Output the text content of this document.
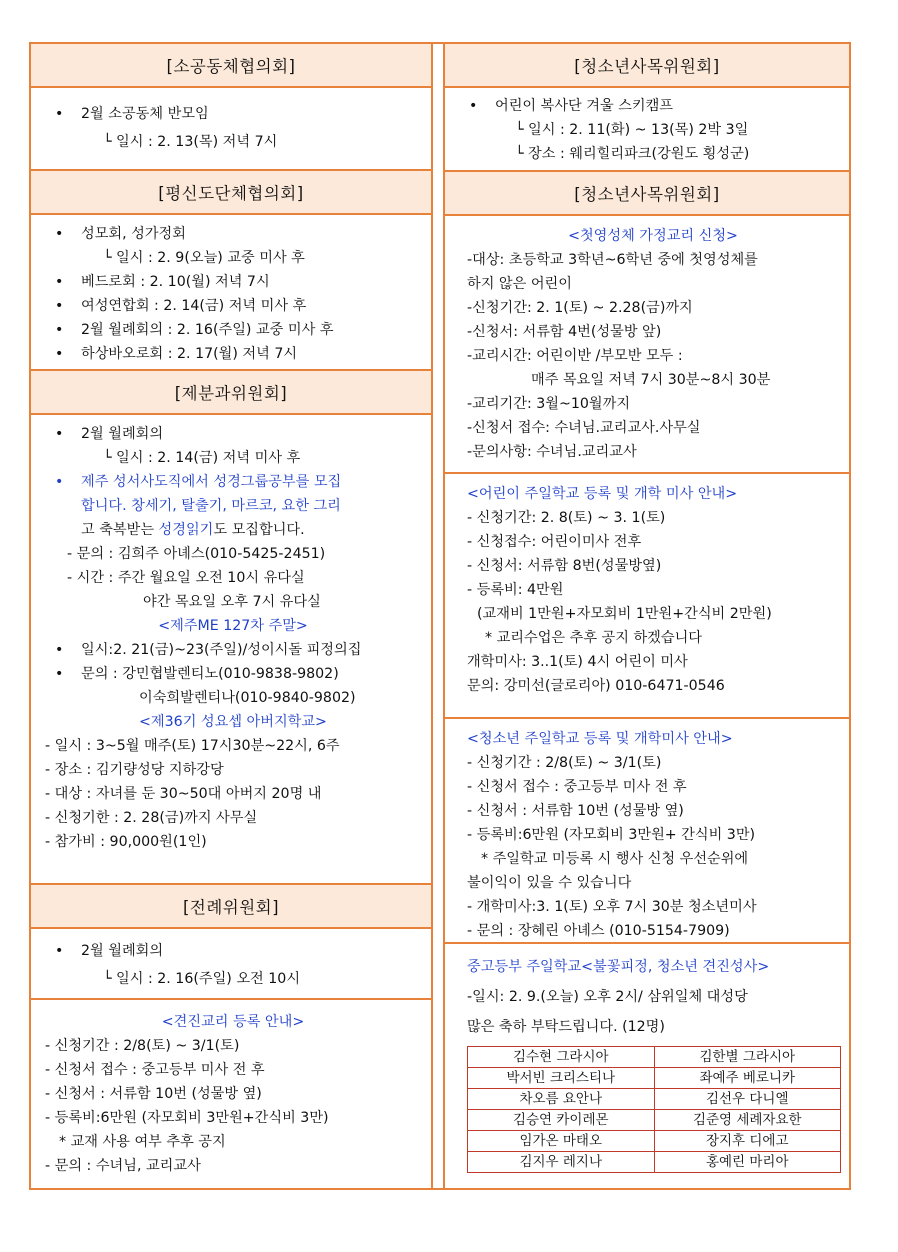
[소공동체협의회]
• 2월 소공동체 반모임
└ 일시 : 2. 13(목) 저녁 7시
[평신도단체협의회]
• 성모회, 성가정회
└ 일시 : 2. 9(오늘) 교중 미사 후
• 베드로회 : 2. 10(월) 저녁 7시
• 여성연합회 : 2. 14(금) 저녁 미사 후
• 2월 월례회의 : 2. 16(주일) 교중 미사 후
• 하상바오로회 : 2. 17(월) 저녁 7시
[제분과위원회]
• 2월 월례회의
└ 일시 : 2. 14(금) 저녁 미사 후
• 제주 성서사도직에서 성경그룹공부를 모집
합니다. 창세기, 탈출기, 마르코, 요한 그리
고 축복받는 성경읽기도 모집합니다.
- 문의 : 김희주 아녜스(010-5425-2451)
- 시간 : 주간 월요일 오전 10시 유다실
야간 목요일 오후 7시 유다실
<제주ME 127차 주말>
• 일시:2. 21(금)~23(주일)/성이시돌 피정의집
• 문의 : 강민협발렌티노(010-9838-9802)
이숙희발렌티나(010-9840-9802)
<제36기 성요셉 아버지학교>
- 일시 : 3~5월 매주(토) 17시30분~22시, 6주
- 장소 : 김기량성당 지하강당
- 대상 : 자녀를 둔 30~50대 아버지 20명 내
- 신청기한 : 2. 28(금)까지 사무실
- 참가비 : 90,000원(1인)
[전례위원회]
• 2월 월례회의
└ 일시 : 2. 16(주일) 오전 10시
<견진교리 등록 안내>
- 신청기간 : 2/8(토) ~ 3/1(토)
- 신청서 접수 : 중고등부 미사 전 후
- 신청서 : 서류함 10번 (성물방 옆)
- 등록비:6만원 (자모회비 3만원+간식비 3만)
* 교재 사용 여부 추후 공지
- 문의 : 수녀님, 교리교사
[청소년사목위원회]
• 어린이 복사단 겨울 스키캠프
└ 일시 : 2. 11(화) ~ 13(목) 2박 3일
└ 장소 : 웨리힐리파크(강원도 횡성군)
[청소년사목위원회]
<첫영성체 가정교리 신청>
-대상: 초등학교 3학년~6학년 중에 첫영성체를
하지 않은 어린이
-신청기간: 2. 1(토) ~ 2.28(금)까지
-신청서: 서류함 4번(성물방 앞)
-교리시간: 어린이반 /부모반 모두 :
매주 목요일 저녁 7시 30분~8시 30분
-교리기간: 3월~10월까지
-신청서 접수: 수녀님.교리교사.사무실
-문의사항: 수녀님.교리교사
<어린이 주일학교 등록 및 개학 미사 안내>
- 신청기간: 2. 8(토) ~ 3. 1(토)
- 신청접수: 어린이미사 전후
- 신청서: 서류함 8번(성물방옆)
- 등록비: 4만원
(교재비 1만원+자모회비 1만원+간식비 2만원)
* 교리수업은 추후 공지 하겠습니다
개학미사: 3..1(토) 4시 어린이 미사
문의: 강미선(글로리아) 010-6471-0546
<청소년 주일학교 등록 및 개학미사 안내>
- 신청기간 : 2/8(토) ~ 3/1(토)
- 신청서 접수 : 중고등부 미사 전 후
- 신청서 : 서류함 10번 (성물방 옆)
- 등록비:6만원 (자모회비 3만원+ 간식비 3만)
* 주일학교 미등록 시 행사 신청 우선순위에
불이익이 있을 수 있습니다
- 개학미사:3. 1(토) 오후 7시 30분 청소년미사
- 문의 : 장혜린 아녜스 (010-5154-7909)
중고등부 주일학교<불꽃피정, 청소년 견진성사>
-일시: 2. 9.(오늘) 오후 2시/ 삼위일체 대성당
많은 축하 부탁드립니다. (12명)
김수현 그라시아	김한별 그라시아
박서빈 크리스티나	좌예주 베로니카
차오름 요안나	김선우 다니엘
김승연 카이레몬	김준영 세례자요한
임가온 마태오	장지후 디에고
김지우 레지나	홍예린 마리아
